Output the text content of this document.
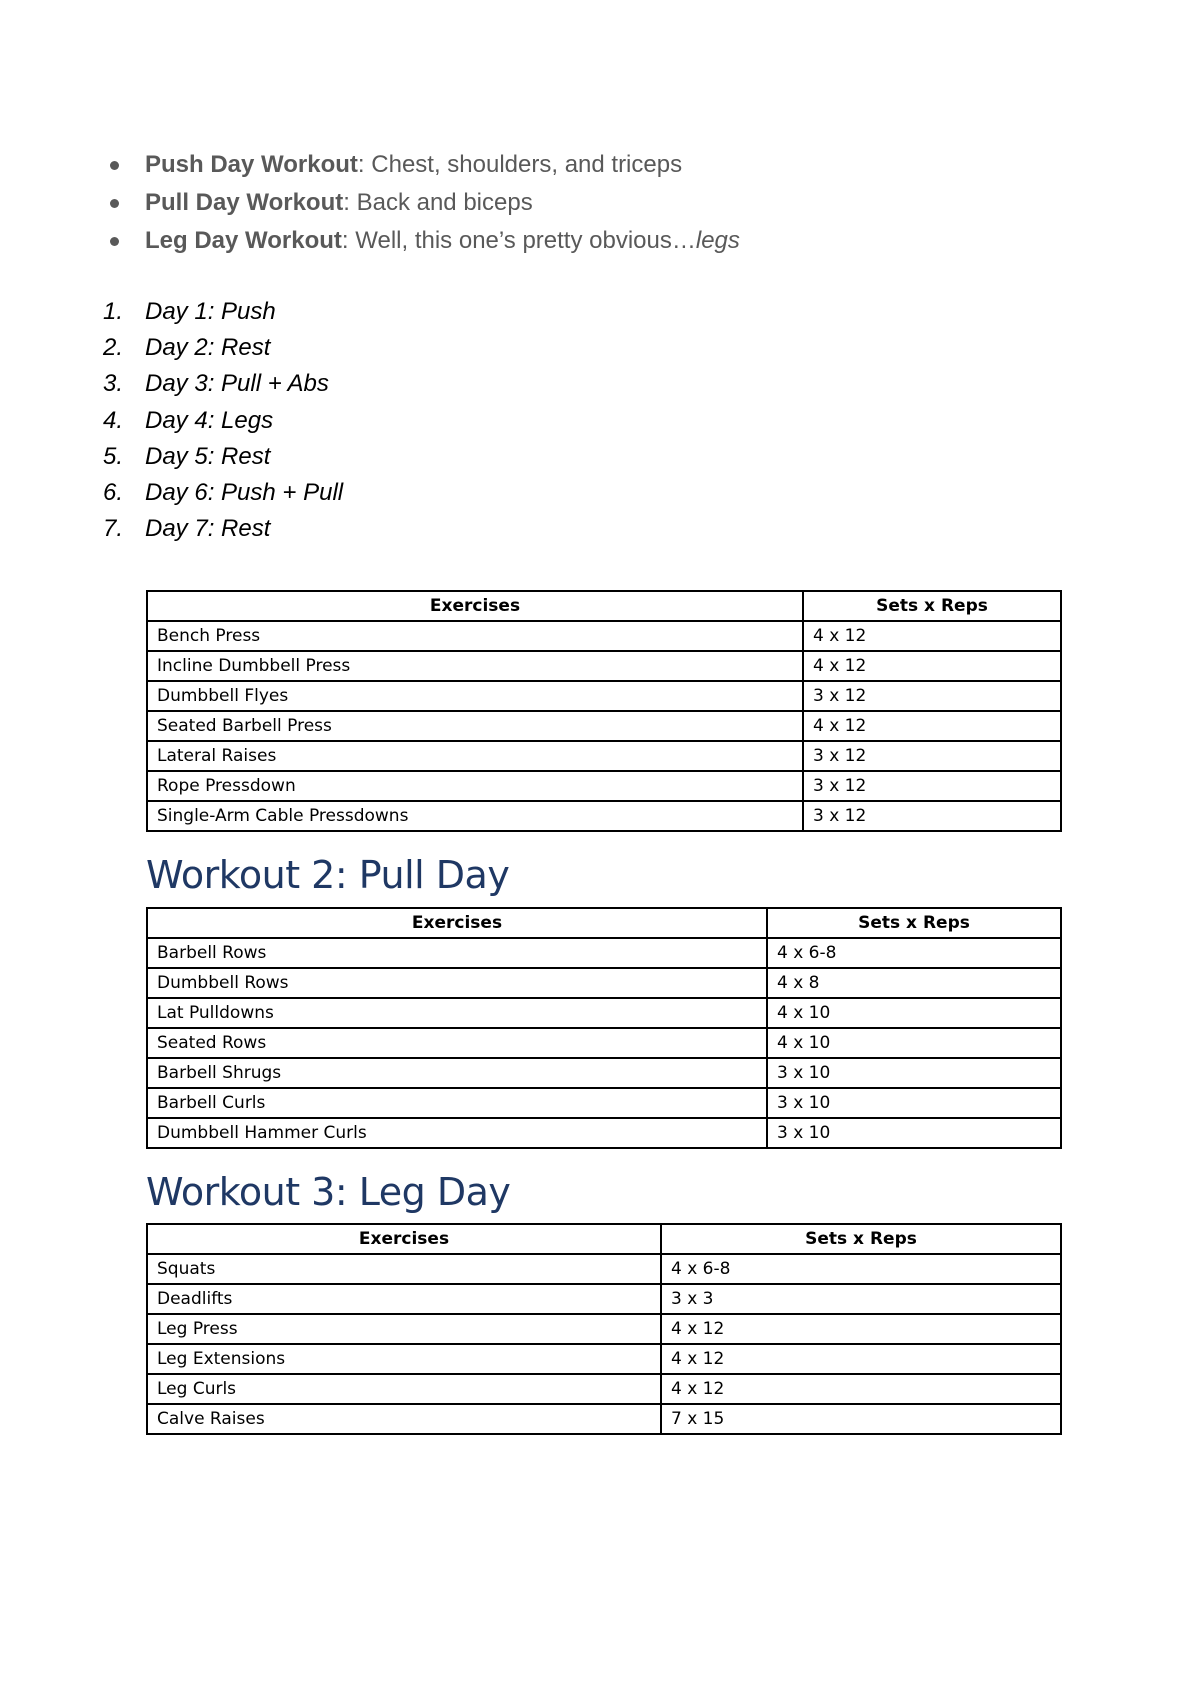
Push Day Workout: Chest, shoulders, and triceps
Pull Day Workout: Back and biceps
Leg Day Workout: Well, this one’s pretty obvious…legs
1. Day 1: Push
2. Day 2: Rest
3. Day 3: Pull + Abs
4. Day 4: Legs
5. Day 5: Rest
6. Day 6: Push + Pull
7. Day 7: Rest
Exercises	Sets x Reps
Bench Press	4 x 12
Incline Dumbbell Press	4 x 12
Dumbbell Flyes	3 x 12
Seated Barbell Press	4 x 12
Lateral Raises	3 x 12
Rope Pressdown	3 x 12
Single-Arm Cable Pressdowns	3 x 12
Workout 2: Pull Day
Exercises	Sets x Reps
Barbell Rows	4 x 6-8
Dumbbell Rows	4 x 8
Lat Pulldowns	4 x 10
Seated Rows	4 x 10
Barbell Shrugs	3 x 10
Barbell Curls	3 x 10
Dumbbell Hammer Curls	3 x 10
Workout 3: Leg Day
Exercises	Sets x Reps
Squats	4 x 6-8
Deadlifts	3 x 3
Leg Press	4 x 12
Leg Extensions	4 x 12
Leg Curls	4 x 12
Calve Raises	7 x 15
